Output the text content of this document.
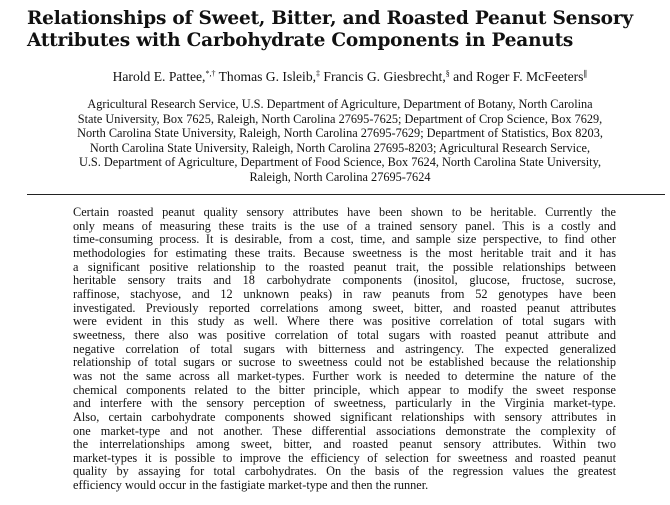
Relationships of Sweet, Bitter, and Roasted Peanut Sensory
Attributes with Carbohydrate Components in Peanuts
Harold E. Pattee,*,† Thomas G. Isleib,‡ Francis G. Giesbrecht,§ and Roger F. McFeeters∥
Agricultural Research Service, U.S. Department of Agriculture, Department of Botany, North Carolina
State University, Box 7625, Raleigh, North Carolina 27695-7625; Department of Crop Science, Box 7629,
North Carolina State University, Raleigh, North Carolina 27695-7629; Department of Statistics, Box 8203,
North Carolina State University, Raleigh, North Carolina 27695-8203; Agricultural Research Service,
U.S. Department of Agriculture, Department of Food Science, Box 7624, North Carolina State University,
Raleigh, North Carolina 27695-7624
Certain roasted peanut quality sensory attributes have been shown to be heritable. Currently the
only means of measuring these traits is the use of a trained sensory panel. This is a costly and
time-consuming process. It is desirable, from a cost, time, and sample size perspective, to find other
methodologies for estimating these traits. Because sweetness is the most heritable trait and it has
a significant positive relationship to the roasted peanut trait, the possible relationships between
heritable sensory traits and 18 carbohydrate components (inositol, glucose, fructose, sucrose,
raffinose, stachyose, and 12 unknown peaks) in raw peanuts from 52 genotypes have been
investigated. Previously reported correlations among sweet, bitter, and roasted peanut attributes
were evident in this study as well. Where there was positive correlation of total sugars with
sweetness, there also was positive correlation of total sugars with roasted peanut attribute and
negative correlation of total sugars with bitterness and astringency. The expected generalized
relationship of total sugars or sucrose to sweetness could not be established because the relationship
was not the same across all market-types. Further work is needed to determine the nature of the
chemical components related to the bitter principle, which appear to modify the sweet response
and interfere with the sensory perception of sweetness, particularly in the Virginia market-type.
Also, certain carbohydrate components showed significant relationships with sensory attributes in
one market-type and not another. These differential associations demonstrate the complexity of
the interrelationships among sweet, bitter, and roasted peanut sensory attributes. Within two
market-types it is possible to improve the efficiency of selection for sweetness and roasted peanut
quality by assaying for total carbohydrates. On the basis of the regression values the greatest
efficiency would occur in the fastigiate market-type and then the runner.
